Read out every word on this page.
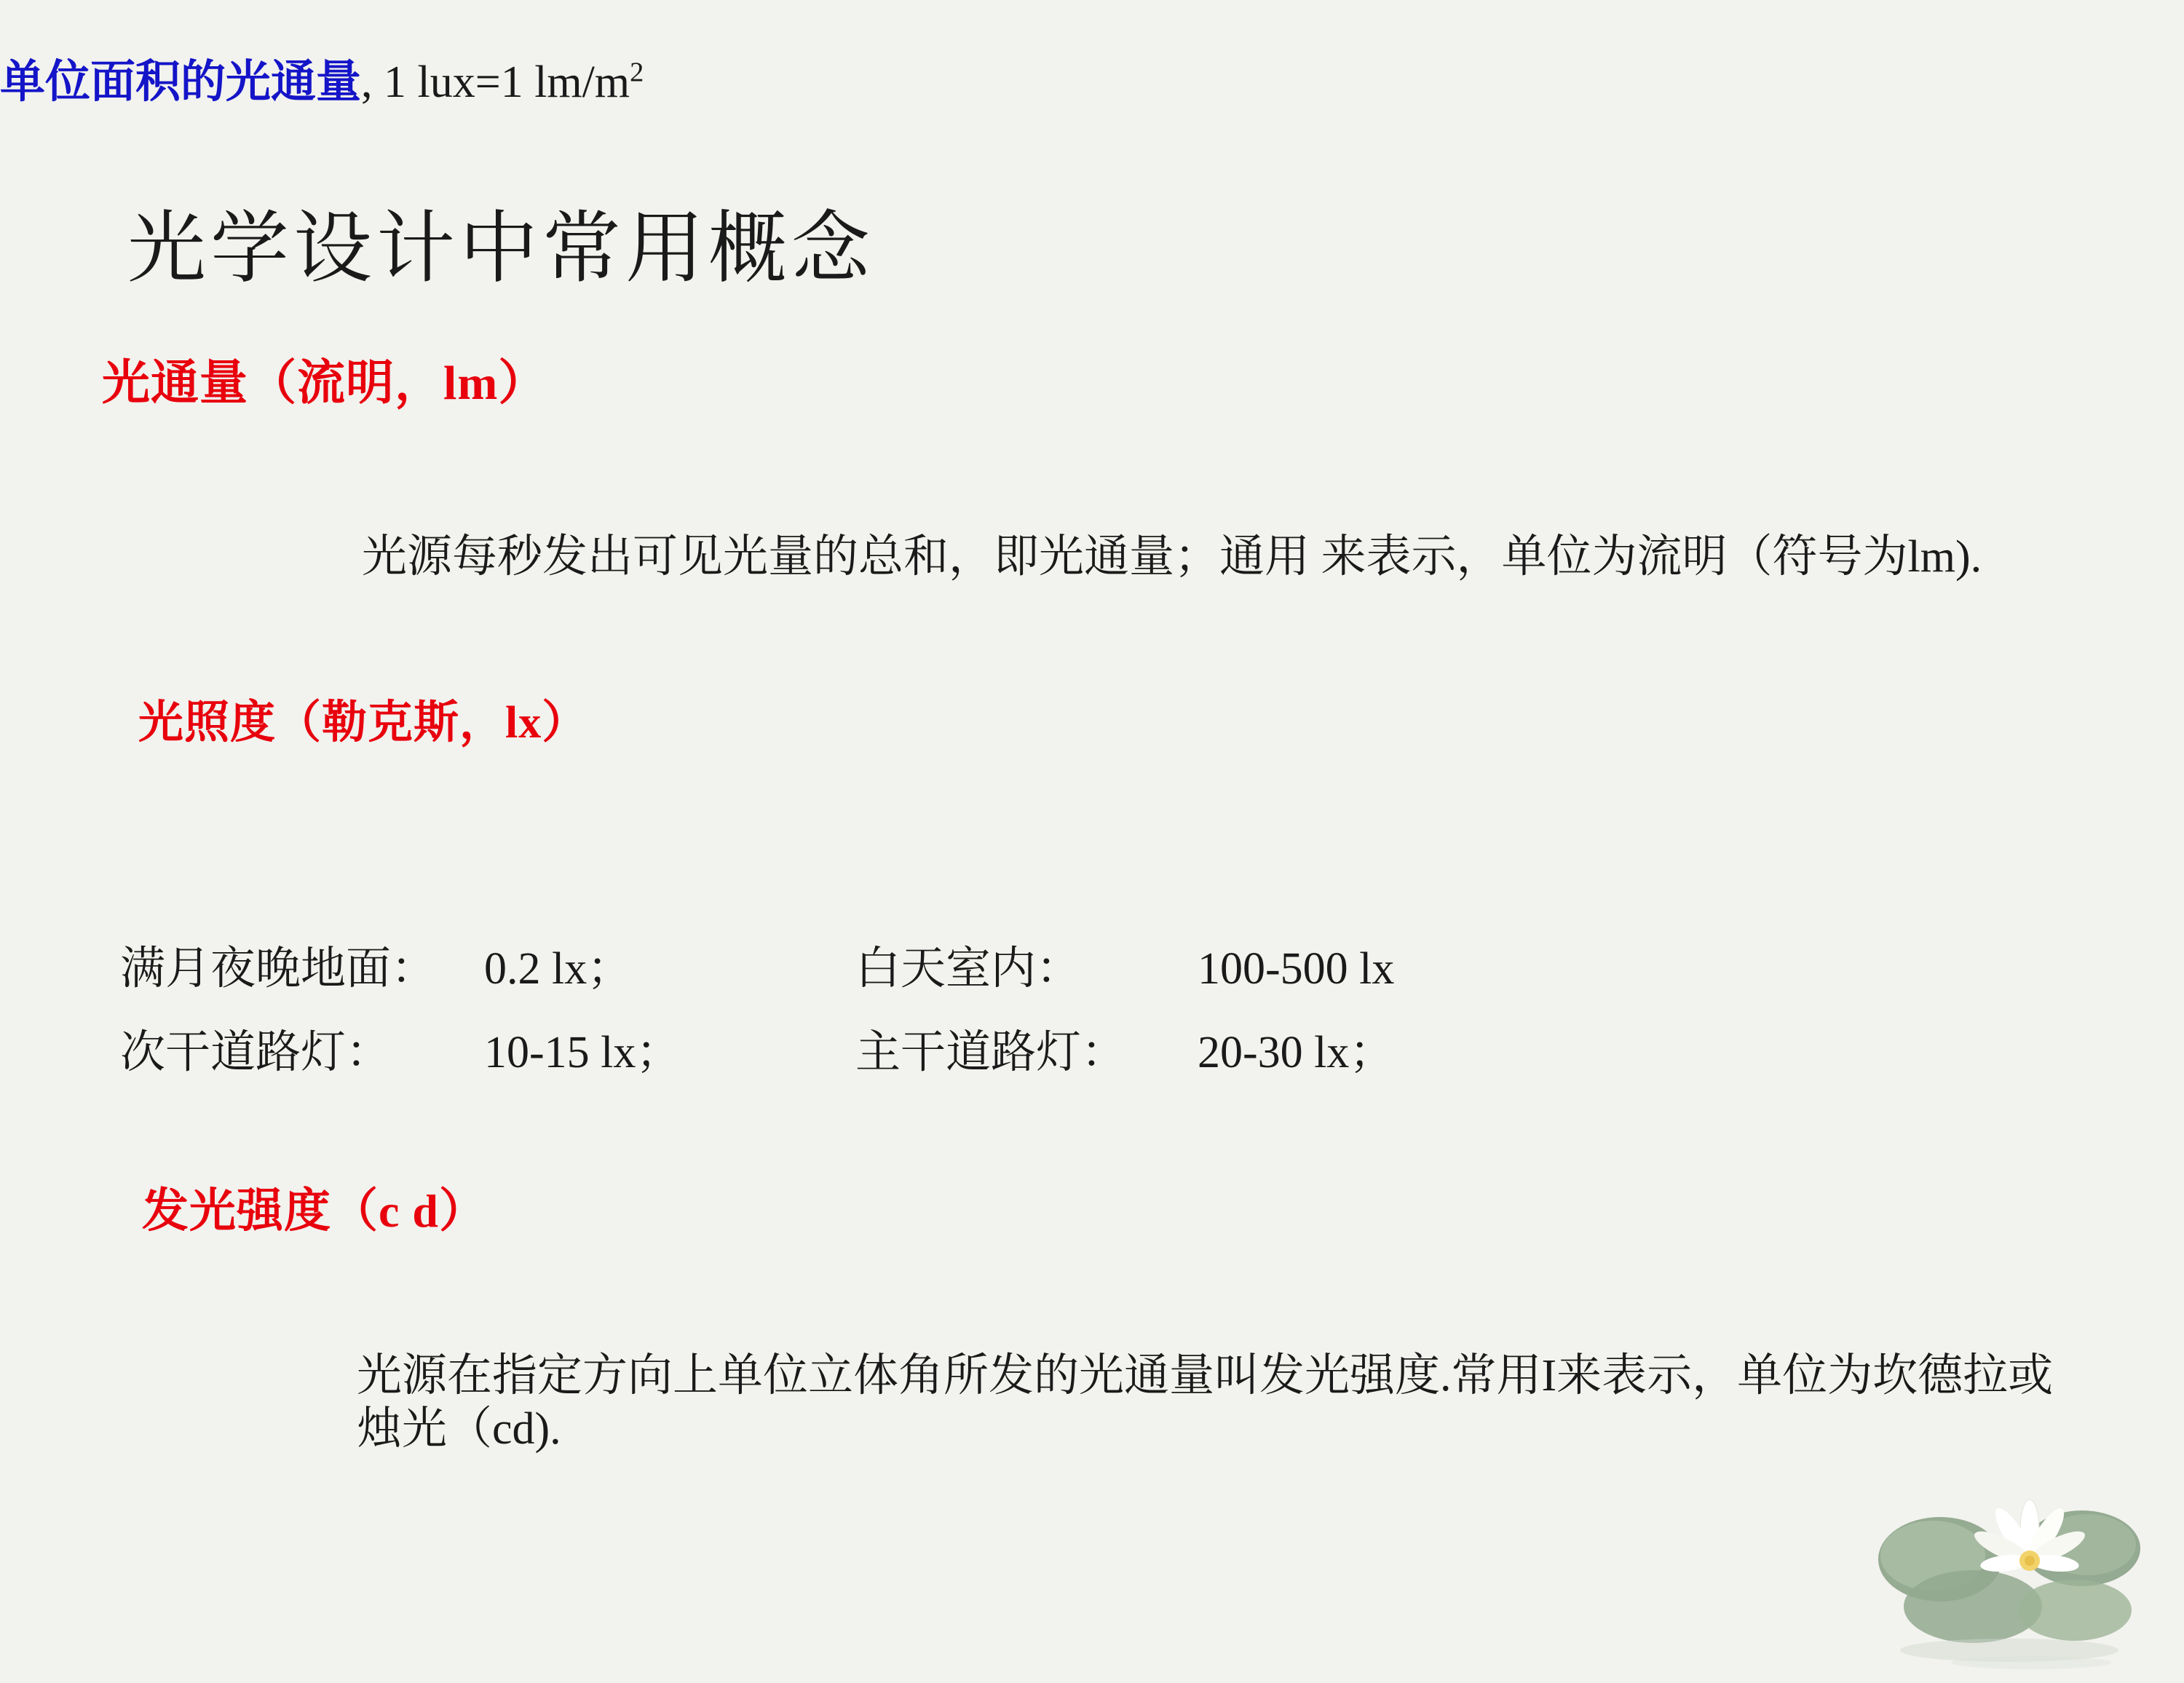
光学设计中常用概念
光通量（流明，lm）

光源每秒发出可见光量的总和，即光通量；通用 来表示，单位为流明（符号为lm).

光照度（勒克斯，lx）

单位面积的光通量, 1 lux=1 $lm/m^2$

满月夜晚地面：	0.2 lx；	白天室内：	100-500 lx
次干道路灯：	10-15 lx；	主干道路灯：	20-30 lx；
发光强度（c d）

光源在指定方向上单位立体角所发的光通量叫发光强度.常用I来表示，单位为坎德拉或烛光（cd).
